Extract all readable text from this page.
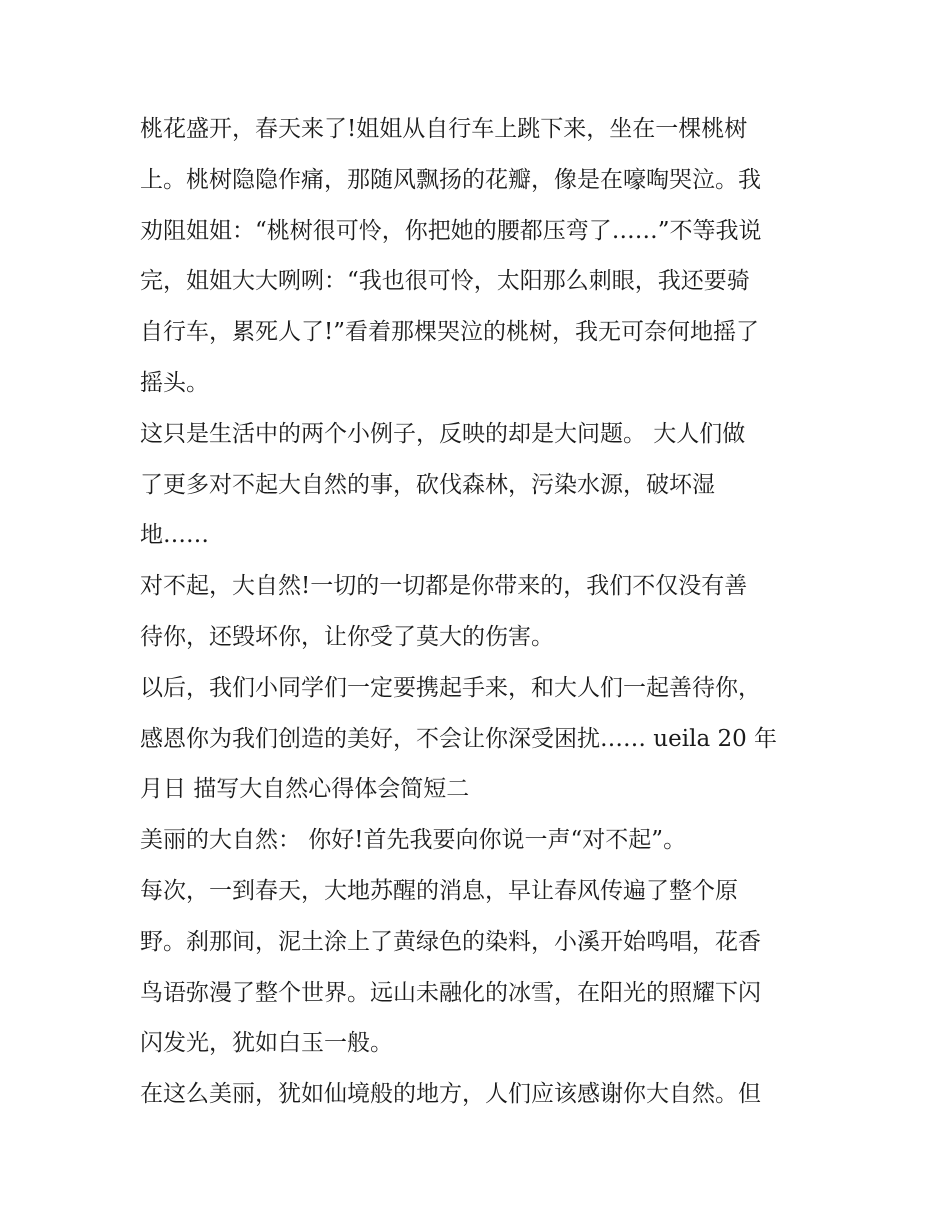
桃花盛开，春天来了!姐姐从自行车上跳下来，坐在一棵桃树
上。桃树隐隐作痛，那随风飘扬的花瓣，像是在嚎啕哭泣。我
劝阻姐姐：“桃树很可怜，你把她的腰都压弯了……”不等我说
完，姐姐大大咧咧：“我也很可怜，太阳那么刺眼，我还要骑
自行车，累死人了!”看着那棵哭泣的桃树，我无可奈何地摇了
摇头。

这只是生活中的两个小例子，反映的却是大问题。 大人们做
了更多对不起大自然的事，砍伐森林，污染水源，破坏湿
地……

对不起，大自然!一切的一切都是你带来的，我们不仅没有善
待你，还毁坏你，让你受了莫大的伤害。

以后，我们小同学们一定要携起手来，和大人们一起善待你，
感恩你为我们创造的美好，不会让你深受困扰…… ueila 20 年
月日 描写大自然心得体会简短二

美丽的大自然： 你好!首先我要向你说一声“对不起”。

每次，一到春天，大地苏醒的消息，早让春风传遍了整个原
野。刹那间，泥土涂上了黄绿色的染料，小溪开始鸣唱，花香
鸟语弥漫了整个世界。远山未融化的冰雪，在阳光的照耀下闪
闪发光，犹如白玉一般。

在这么美丽，犹如仙境般的地方，人们应该感谢你大自然。但
